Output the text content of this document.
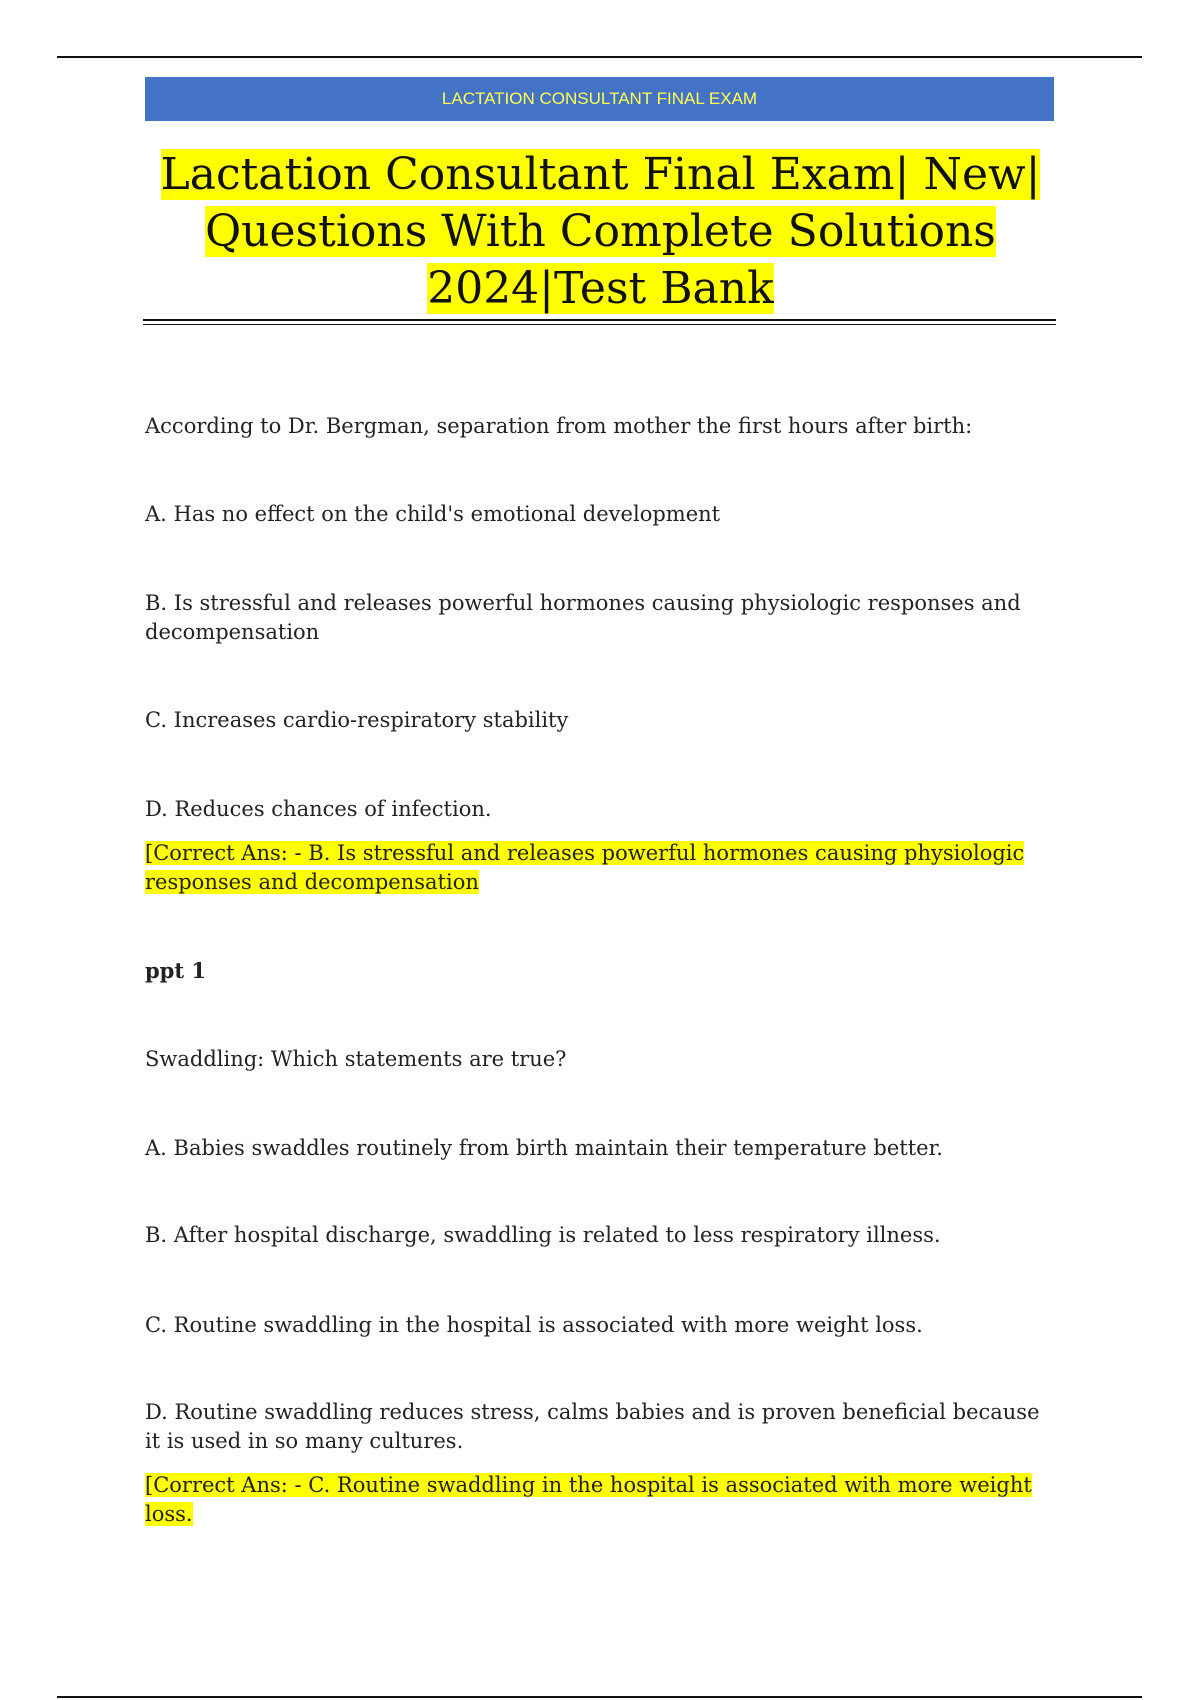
LACTATION CONSULTANT FINAL EXAM
Lactation Consultant Final Exam| New| Questions With Complete Solutions 2024|Test Bank

According to Dr. Bergman, separation from mother the first hours after birth:

A. Has no effect on the child's emotional development

B. Is stressful and releases powerful hormones causing physiologic responses and decompensation

C. Increases cardio-respiratory stability

D. Reduces chances of infection.

[Correct Ans: - B. Is stressful and releases powerful hormones causing physiologic responses and decompensation

ppt 1

Swaddling: Which statements are true?

A. Babies swaddles routinely from birth maintain their temperature better.

B. After hospital discharge, swaddling is related to less respiratory illness.

C. Routine swaddling in the hospital is associated with more weight loss.

D. Routine swaddling reduces stress, calms babies and is proven beneficial because it is used in so many cultures.

[Correct Ans: - C. Routine swaddling in the hospital is associated with more weight loss.
